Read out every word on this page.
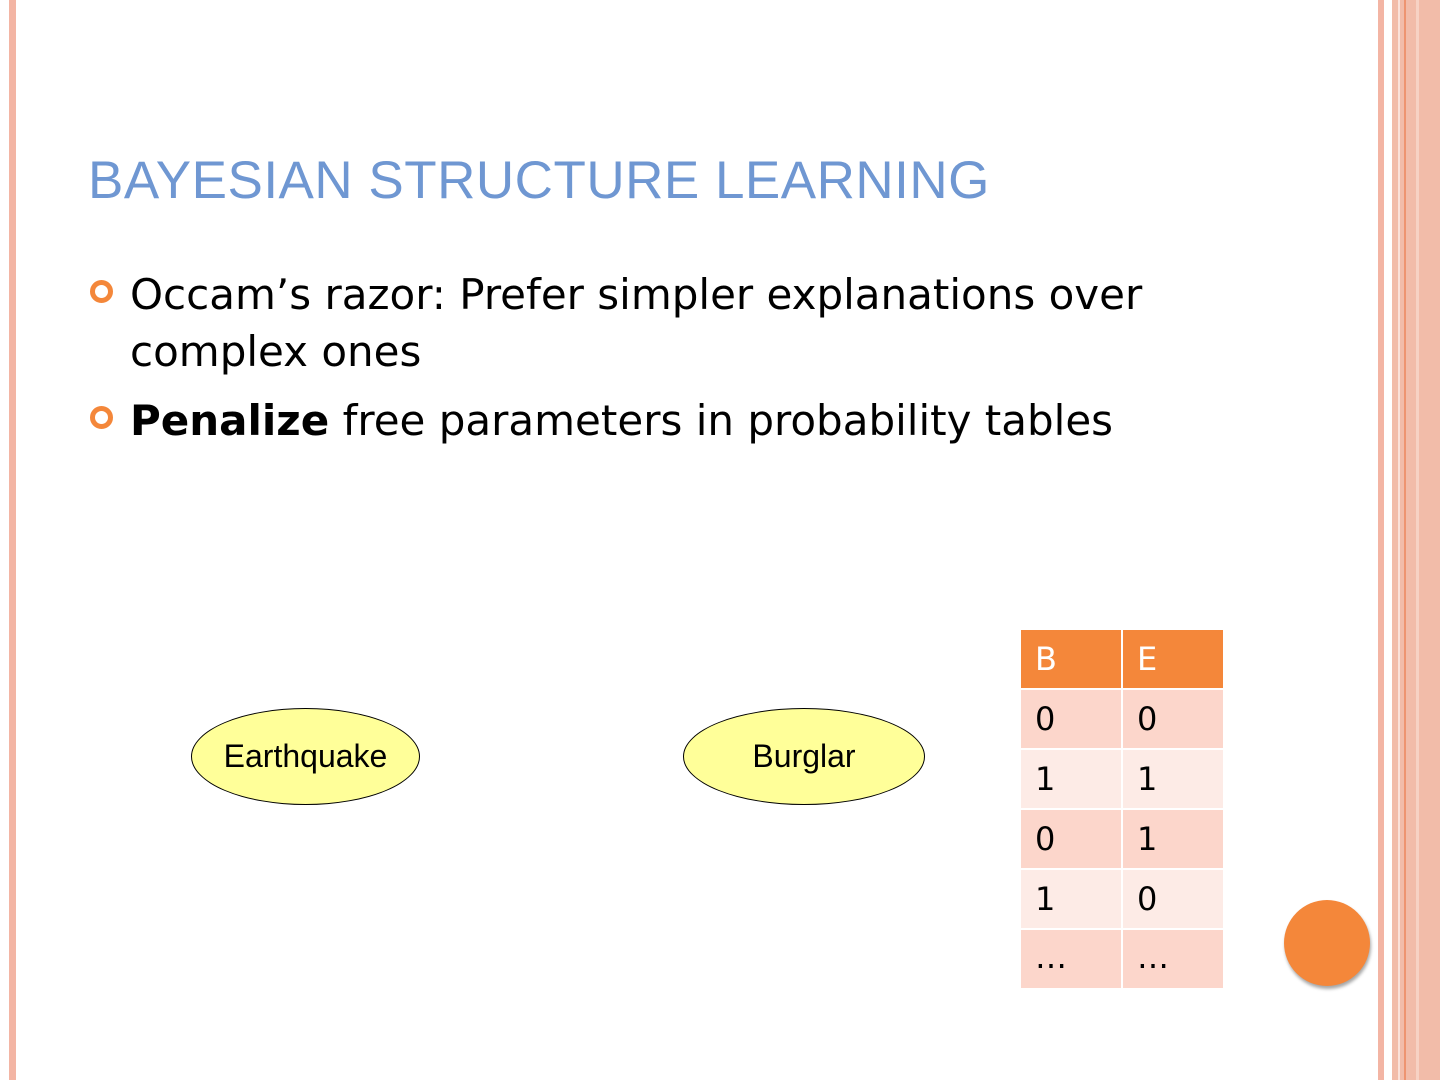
BAYESIAN STRUCTURE LEARNING
Occam’s razor: Prefer simpler explanations over complex ones
Penalize free parameters in probability tables
Earthquake	Burglar
B	E
0	0
1	1
0	1
1	0
…	…
